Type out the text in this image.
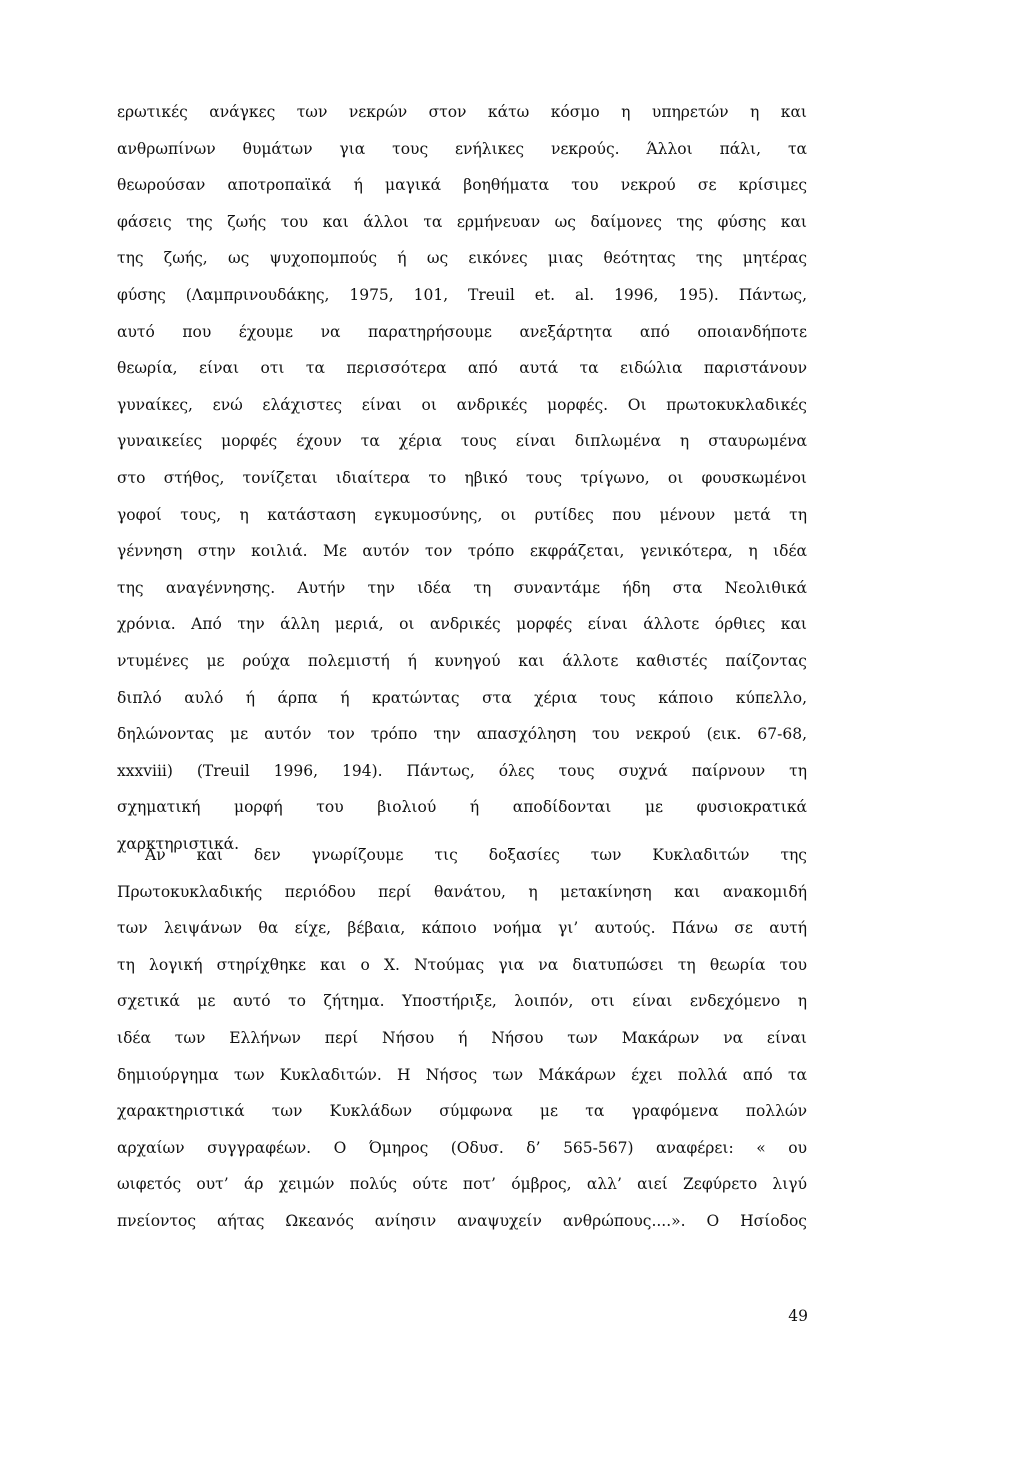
ερωτικές ανάγκες των νεκρών στον κάτω κόσμο η υπηρετών η και
ανθρωπίνων θυμάτων για τους ενήλικες νεκρούς. Άλλοι πάλι, τα
θεωρούσαν αποτροπαϊκά ή μαγικά βοηθήματα του νεκρού σε κρίσιμες
φάσεις της ζωής του και άλλοι τα ερμήνευαν ως δαίμονες της φύσης και
της ζωής, ως ψυχοπομπούς ή ως εικόνες μιας θεότητας της μητέρας
φύσης (Λαμπρινουδάκης, 1975, 101, Treuil et. al. 1996, 195). Πάντως,
αυτό που έχουμε να παρατηρήσουμε ανεξάρτητα από οποιανδήποτε
θεωρία, είναι οτι τα περισσότερα από αυτά τα ειδώλια παριστάνουν
γυναίκες, ενώ ελάχιστες είναι οι ανδρικές μορφές. Οι πρωτοκυκλαδικές
γυναικείες μορφές έχουν τα χέρια τους είναι διπλωμένα η σταυρωμένα
στο στήθος, τονίζεται ιδιαίτερα το ηβικό τους τρίγωνο, οι φουσκωμένοι
γοφοί τους, η κατάσταση εγκυμοσύνης, οι ρυτίδες που μένουν μετά τη
γέννηση στην κοιλιά. Με αυτόν τον τρόπο εκφράζεται, γενικότερα, η ιδέα
της αναγέννησης. Αυτήν την ιδέα τη συναντάμε ήδη στα Νεολιθικά
χρόνια. Από την άλλη μεριά, οι ανδρικές μορφές είναι άλλοτε όρθιες και
ντυμένες με ρούχα πολεμιστή ή κυνηγού και άλλοτε καθιστές παίζοντας
διπλό αυλό ή άρπα ή κρατώντας στα χέρια τους κάποιο κύπελλο,
δηλώνοντας με αυτόν τον τρόπο την απασχόληση του νεκρού (εικ. 67-68,
xxxviii) (Treuil 1996, 194). Πάντως, όλες τους συχνά παίρνουν τη
σχηματική μορφή του βιολιού ή αποδίδονται με φυσιοκρατικά
χαρκτηριστικά.
Αν και δεν γνωρίζουμε τις δοξασίες των Κυκλαδιτών της
Πρωτοκυκλαδικής περιόδου περί θανάτου, η μετακίνηση και ανακομιδή
των λειψάνων θα είχε, βέβαια, κάποιο νοήμα γι’ αυτούς. Πάνω σε αυτή
τη λογική στηρίχθηκε και ο Χ. Ντούμας για να διατυπώσει τη θεωρία του
σχετικά με αυτό το ζήτημα. Υποστήριξε, λοιπόν, οτι είναι ενδεχόμενο η
ιδέα των Ελλήνων περί Νήσου ή Νήσου των Μακάρων να είναι
δημιούργημα των Κυκλαδιτών. Η Νήσος των Μάκάρων έχει πολλά από τα
χαρακτηριστικά των Κυκλάδων σύμφωνα με τα γραφόμενα πολλών
αρχαίων συγγραφέων. Ο Όμηρος (Οδυσ. δ’ 565-567) αναφέρει: « ου
ωιφετός ουτ’ άρ χειμών πολύς ούτε ποτ’ όμβρος, αλλ’ αιεί Ζεφύρετο λιγύ
πνείοντος αήτας Ωκεανός ανίησιν αναψυχείν ανθρώπους....». Ο Ησίοδος
49
